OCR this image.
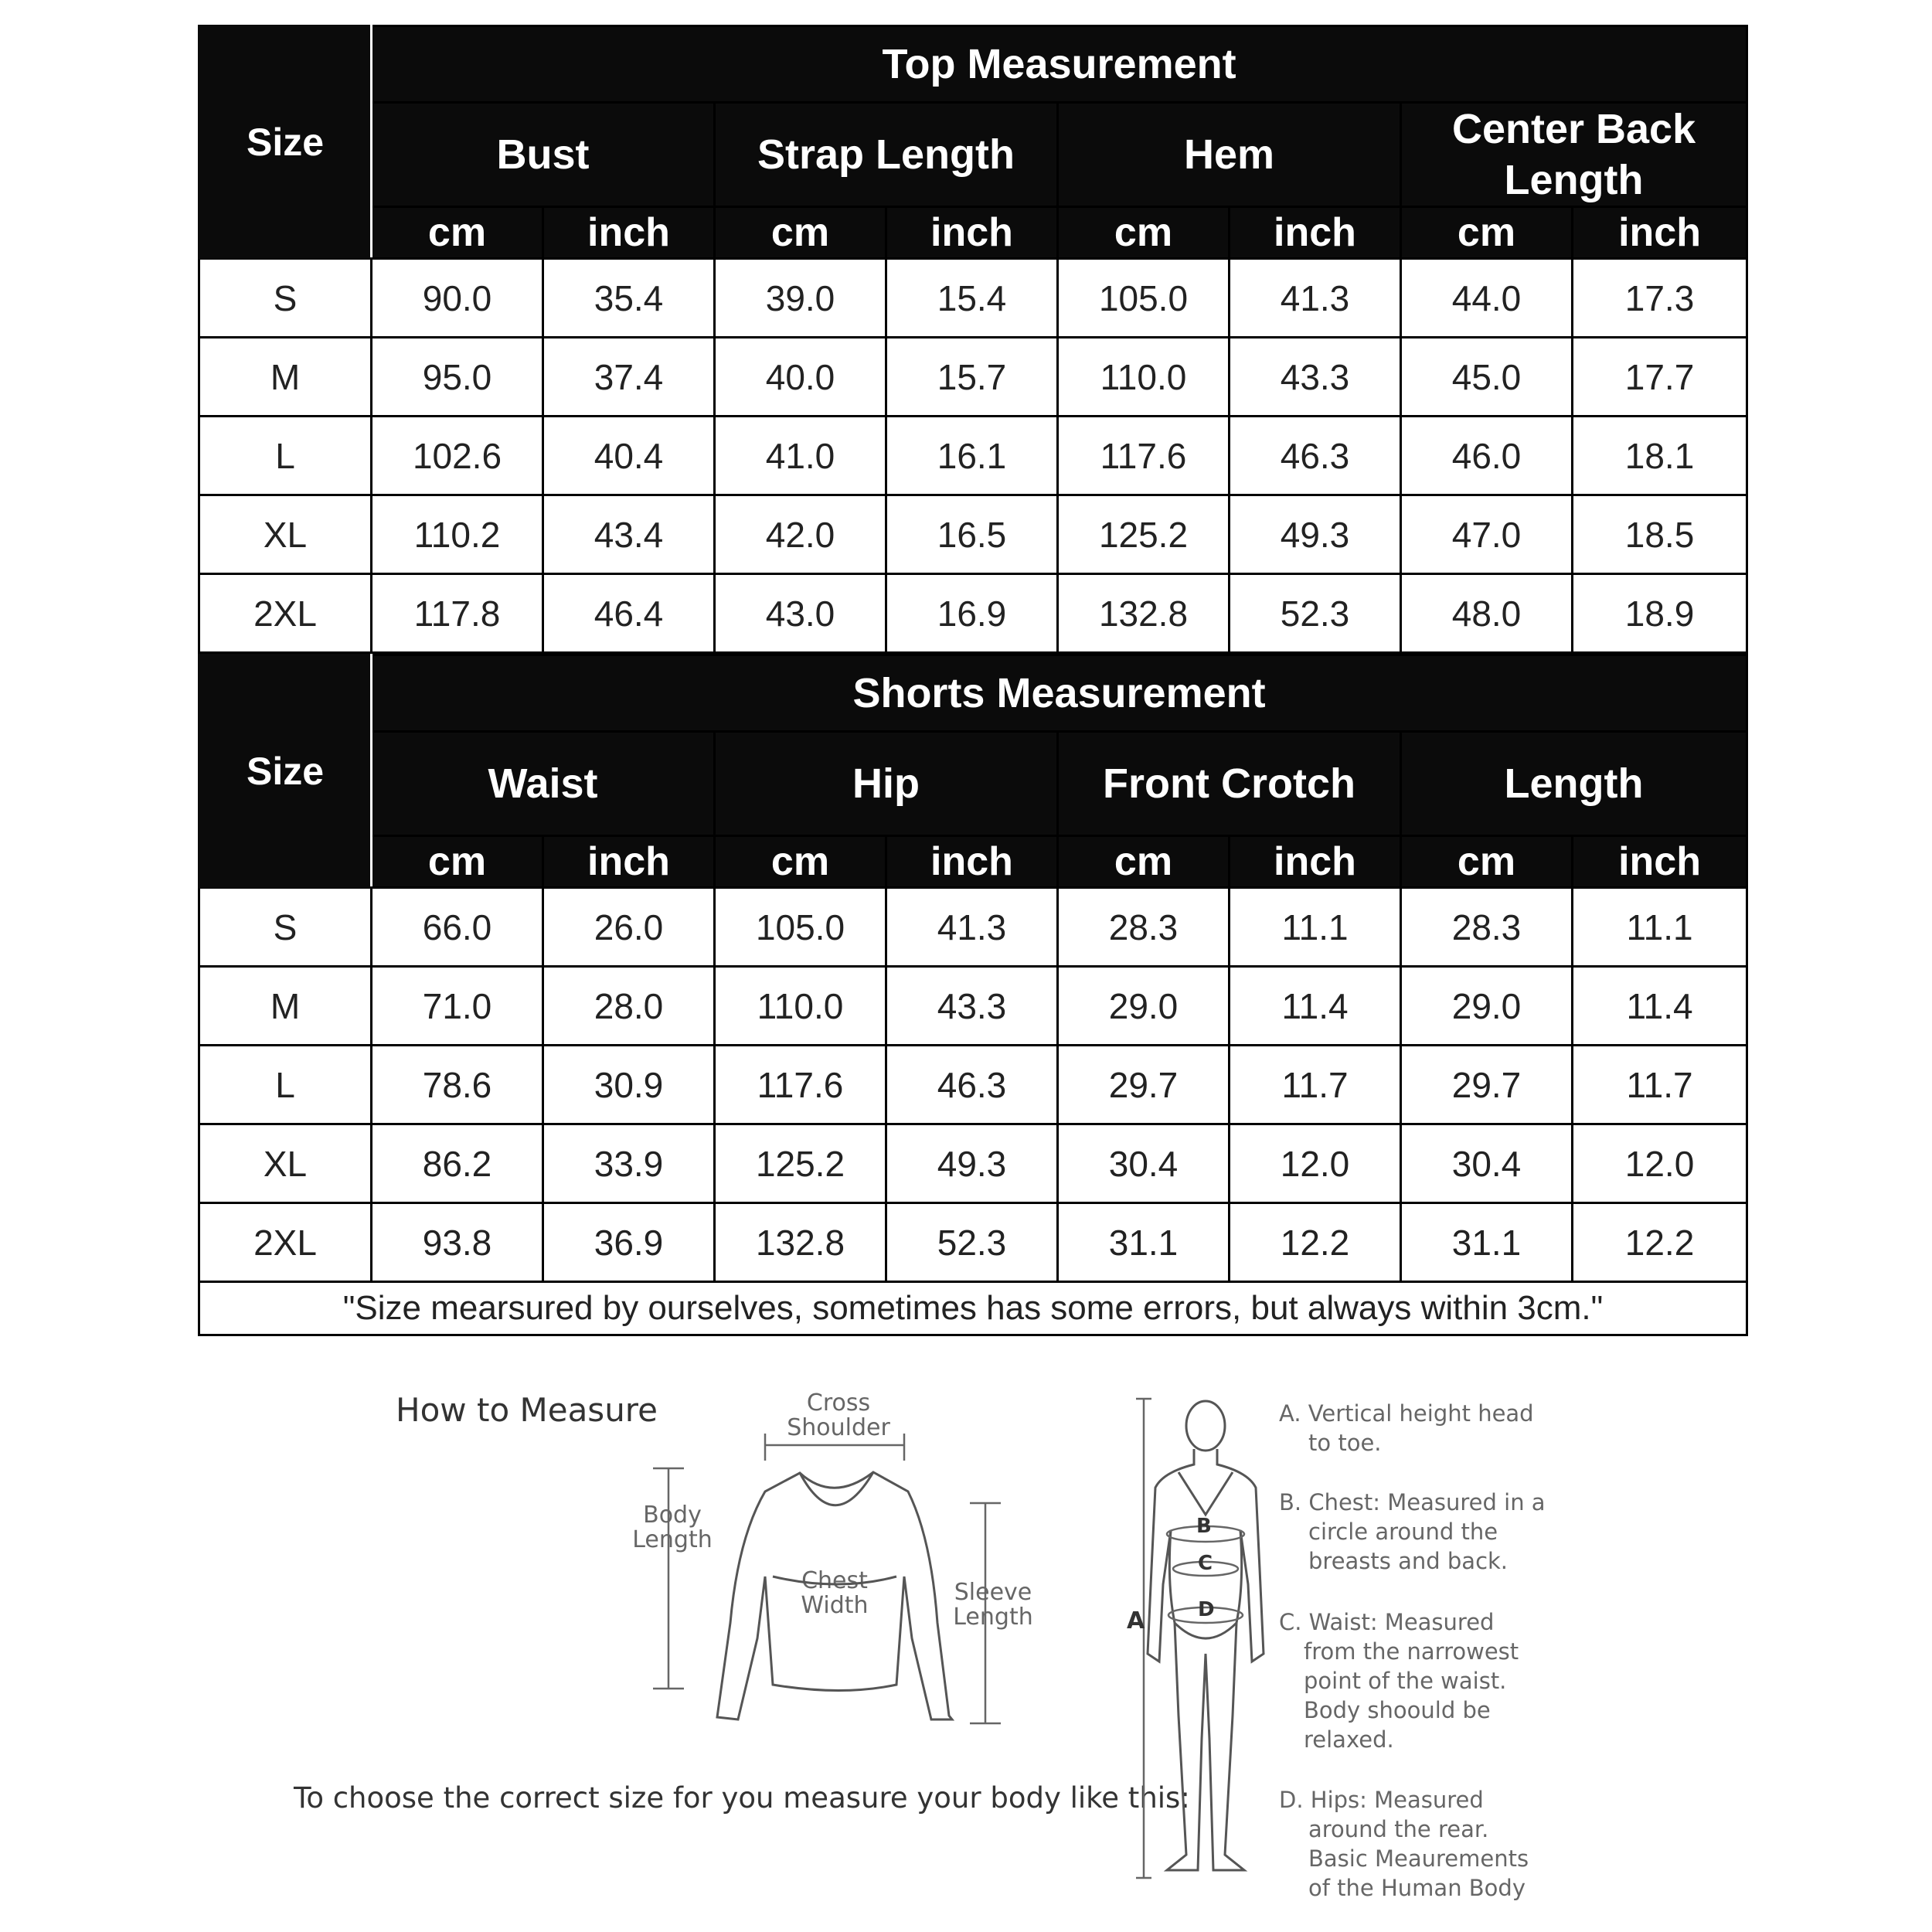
Size	Top Measurement							
	Bust		Strap Length		Hem		Center Back Length	
	cm	inch	cm	inch	cm	inch	cm	inch
S	90.0	35.4	39.0	15.4	105.0	41.3	44.0	17.3
M	95.0	37.4	40.0	15.7	110.0	43.3	45.0	17.7
L	102.6	40.4	41.0	16.1	117.6	46.3	46.0	18.1
XL	110.2	43.4	42.0	16.5	125.2	49.3	47.0	18.5
2XL	117.8	46.4	43.0	16.9	132.8	52.3	48.0	18.9
Size	Shorts Measurement							
	Waist		Hip		Front Crotch		Length	
	cm	inch	cm	inch	cm	inch	cm	inch
S	66.0	26.0	105.0	41.3	28.3	11.1	28.3	11.1
M	71.0	28.0	110.0	43.3	29.0	11.4	29.0	11.4
L	78.6	30.9	117.6	46.3	29.7	11.7	29.7	11.7
XL	86.2	33.9	125.2	49.3	30.4	12.0	30.4	12.0
2XL	93.8	36.9	132.8	52.3	31.1	12.2	31.1	12.2
"Size mearsured by ourselves, sometimes has some errors, but always within 3cm."								
How to Measure
To choose the correct size for you measure your body like this:
Cross
Shoulder
Body
Length
Chest
Width	Sleeve
Length	A
B
C
D
A. Vertical height head
to toe.
B. Chest: Measured in a
circle around the
breasts and back.
C. Waist: Measured
from the narrowest
point of the waist.
Body shoould be
relaxed.
D. Hips: Measured
around the rear.
Basic Meaurements
of the Human Body
